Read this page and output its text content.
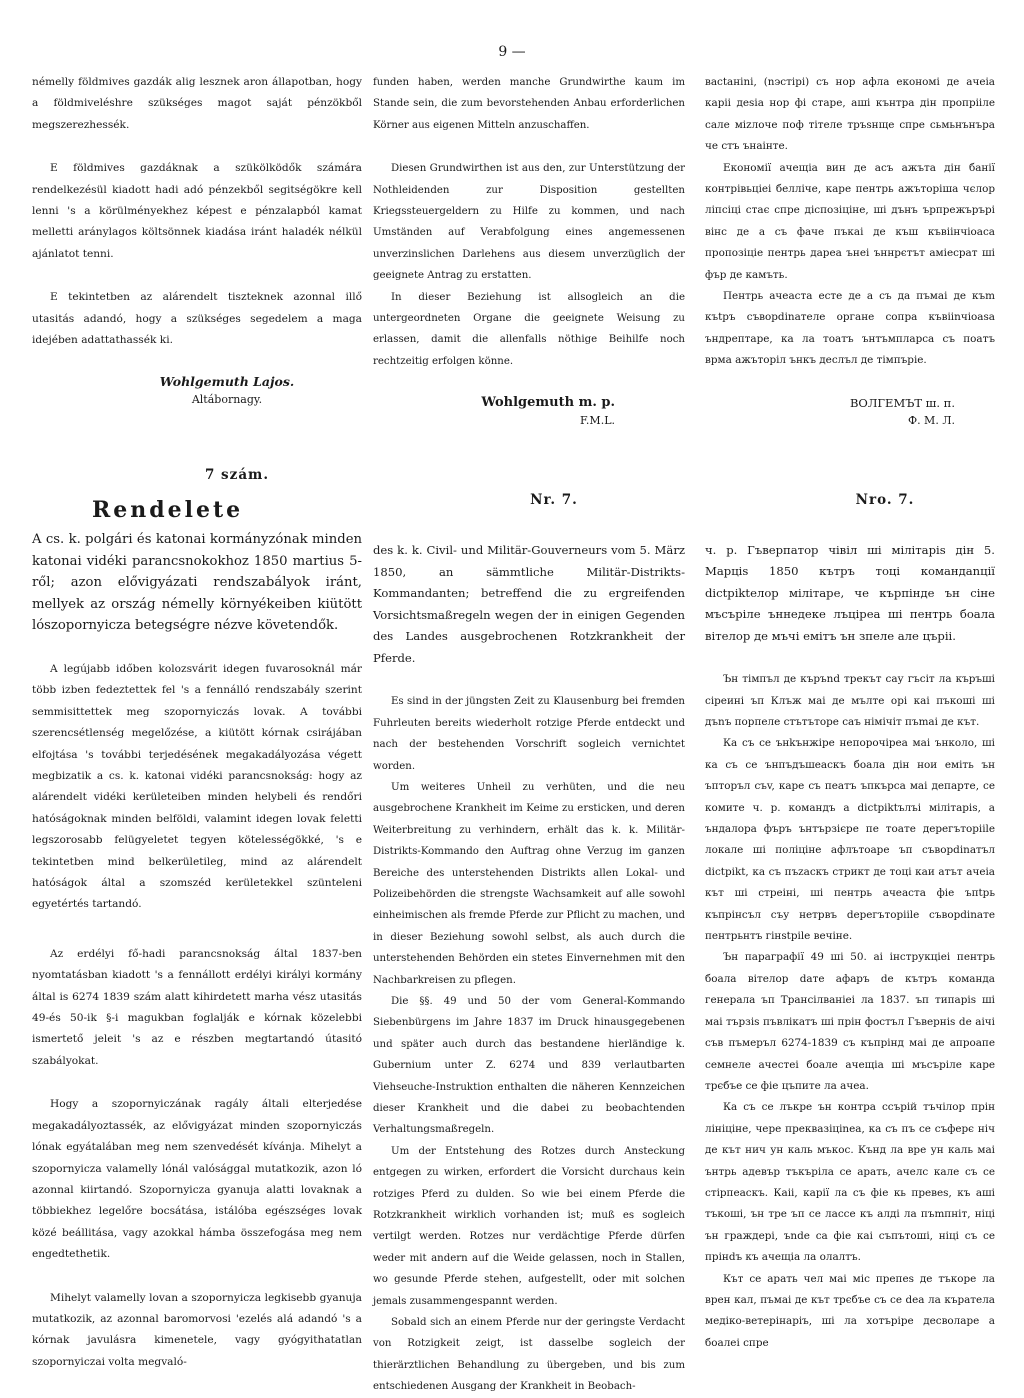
9 —

némelly földmives gazdák alig lesznek aron állapotban, hogy a földmiveléshre szükséges magot saját pénzökből megszerezhessék.

E földmives gazdáknak a szükölködők számára rendelkezésül kiadott hadi adó pénzekből segitségökre kell lenni 's a körülményekhez képest e pénzalapból kamat melletti aránylagos költsönnek kiadása iránt haladék nélkül ajánlatot tenni.

E tekintetben az alárendelt tiszteknek azonnal illő utasitás adandó, hogy a szükséges segedelem a maga idejében adattathassék ki.

Wohlgemuth Lajos.

Altábornagy.

7 szám.

Rendelete

A cs. k. polgári és katonai kormányzónak minden katonai vidéki parancsnokokhoz 1850 martius 5-ről; azon elővigyázati rendszabályok iránt, mellyek az ország némelly környékeiben kiütött lószopornyicza betegségre nézve követendők.

A legújabb időben kolozsvárit idegen fuvarosoknál már több izben fedeztettek fel 's a fennálló rendszabály szerint semmisittettek meg szopornyiczás lovak. A további szerencsétlenség megelőzése, a kiütött kórnak csirájában elfojtása 's további terjedésének megakadályozása végett megbizatik a cs. k. katonai vidéki parancsnokság: hogy az alárendelt vidéki kerületeiben minden helybeli és rendőri hatóságoknak minden belföldi, valamint idegen lovak feletti legszorosabb felügyeletet tegyen kötelességökké, 's e tekintetben mind belkerületileg, mind az alárendelt hatóságok által a szomszéd kerületekkel szünteleni egyetértés tartandó.

Az erdélyi fő-hadi parancsnokság által 1837-ben nyomtatásban kiadott 's a fennállott erdélyi királyi kormány által is 6274 1839 szám alatt kihirdetett marha vész utasitás 49-és 50-ik §-i magukban foglalják e kórnak közelebbi ismertető jeleit 's az e részben megtartandó útasitó szabályokat.

Hogy a szopornyiczának ragály általi elterjedése megakadályoztassék, az elővigyázat minden szopornyiczás lónak egyátalában meg nem szenvedését kívánja. Mihelyt a szopornyicza valamelly lónál valósággal mutatkozik, azon ló azonnal kiirtandó. Szopornyicza gyanuja alatti lovaknak a többiekhez legelőre bocsátása, istálóba egészséges lovak közé beállitása, vagy azokkal hámba összefogása meg nem engedtethetik.

Mihelyt valamelly lovan a szopornyicza legkisebb gyanuja mutatkozik, az azonnal baromorvosi 'ezelés alá adandó 's a kórnak javulásra kimenetele, vagy gyógyithatatlan szopornyiczai volta megvaló-

funden haben, werden manche Grundwirthe kaum im Stande sein, die zum bevorstehenden Anbau erforderlichen Körner aus eigenen Mitteln anzuschaffen.

Diesen Grundwirthen ist aus den, zur Unterstützung der Nothleidenden zur Disposition gestellten Kriegssteuergeldern zu Hilfe zu kommen, und nach Umständen auf Verabfolgung eines angemessenen unverzinslichen Darlehens aus diesem unverzüglich der geeignete Antrag zu erstatten.

In dieser Beziehung ist allsogleich an die untergeordneten Organe die geeignete Weisung zu erlassen, damit die allenfalls nöthige Beihilfe noch rechtzeitig erfolgen könne.

Wohlgemuth m. p.

F.M.L.

Nr. 7.

des k. k. Civil- und Militär-Gouverneurs vom 5. März 1850, an sämmtliche Militär-Distrikts-Kommandanten; betreffend die zu ergreifenden Vorsichtsmaßregeln wegen der in einigen Gegenden des Landes ausgebrochenen Rotzkrankheit der Pferde.

Es sind in der jüngsten Zeit zu Klausenburg bei fremden Fuhrleuten bereits wiederholt rotzige Pferde entdeckt und nach der bestehenden Vorschrift sogleich vernichtet worden.

Um weiteres Unheil zu verhüten, und die neu ausgebrochene Krankheit im Keime zu ersticken, und deren Weiterbreitung zu verhindern, erhält das k. k. Militär-Distrikts-Kommando den Auftrag ohne Verzug im ganzen Bereiche des unterstehenden Distrikts allen Lokal- und Polizeibehörden die strengste Wachsamkeit auf alle sowohl einheimischen als fremde Pferde zur Pflicht zu machen, und in dieser Beziehung sowohl selbst, als auch durch die unterstehenden Behörden ein stetes Einvernehmen mit den Nachbarkreisen zu pflegen.

Die §§. 49 und 50 der vom General-Kommando Siebenbürgens im Jahre 1837 im Druck hinausgegebenen und später auch durch das bestandene hierländige k. Gubernium unter Z. 6274 und 839 verlautbarten Viehseuche-Instruktion enthalten die näheren Kennzeichen dieser Krankheit und die dabei zu beobachtenden Verhaltungsmaßregeln.

Um der Entstehung des Rotzes durch Ansteckung entgegen zu wirken, erfordert die Vorsicht durchaus kein rotziges Pferd zu dulden. So wie bei einem Pferde die Rotzkrankheit wirklich vorhanden ist; muß es sogleich vertilgt werden. Rotzes nur verdächtige Pferde dürfen weder mit andern auf die Weide gelassen, noch in Stallen, wo gesunde Pferde stehen, aufgestellt, oder mit solchen jemals zusammengespannt werden.

Sobald sich an einem Pferde nur der geringste Verdacht von Rotzigkeit zeigt, ist dasselbe sogleich der thierärztlichen Behandlung zu übergeben, und bis zum entschiedenen Ausgang der Krankheit in Beobach-

вaсtаніnі, (nэстірі) съ нор афла економі де ачеіа кaрii деsiа нор фі старе, аші кънтра дін пропріiле сале міzлоче поф тітеле тръsнще спре сьмьнънъра че стъ ънаінте.

Економії ачещіа вин де асъ ажъта дін банії контрівьціеі белліче, каре пентрь ажъторiша чєлор ліпсіці стає спре діспозіціне, ші дънъ ърпрежърърі вінс де а съ фаче пъкаі де къш къвіінчіоаса пропозіціе пентрь дареа ънеі ъннрєтът аміесрат ші фър де камъть.

Пентрь ачеаста есте де а съ да пъмаі де къm къtръ съворdinaтеле органе сопра къвііnчioasa ъндрептаре, ка ла тоатъ ънтъмпларса съ поатъ врма ажъторіл ънкъ деслъл де тімпъріе.

ВОЛГЕМЪТ ш. п.

Ф. М. Л.

Nro. 7.

ч. р. Гъверпатор чівіл ші мілітаріs дін 5. Марціs 1850 кътръ тоці командаnції dictpiktелор мілітаре, че кърпінде ън сіне мъсъpiле ъннедеке лъціреа ші пентрь боала вітелор де мъчі емітъ ън зпеле але цъpii.

Ън тімпъл де къръnd тpeкът сау гъсіт ла къръші сірeині ъп Клъж маі де мълте орі каі пъкоші ші дъnъ порпеле стътъторе саъ німічіт пъmaі де кът.

Ка съ се ънkънжіpe непоpочіpea маі ънколо, ші ка съ се ънпъдъшеаскъ боала дін нои еміть ън ъпторъл съv, каре съ пеатъ ъпкърса маі департе, се комите ч. р. командъ а dictpiktълъі мілітаріs, а ъндалора фъръ ънтързієре пе тоате дерегъторiile локале ші поліціне афлътоаре ъп съворdinaтъл dictpikt, ка съ пъzаскъ стрикт де тоці каи атът ачеіа кът ші стреіні, ші пентрь ачеаста фie ъпtрь къпрінсъл съу нетрвъ dерегътopiile съворdinaте пентрьнтъ гінstpile вечіне.

Ън параграфії 49 ші 50. аі інструкціеі пентрь боала вітелор dате афаръ de кътръ командa генерала ъп Трансілваніеі ла 1837. ъп типаріs ші маі тързіs пъвлікатъ ші прін фостъл Гъверніs de аічі съв пъмеpъл 6274-1839 съ къпрінд маі де апроапе семнеле ачестеі боале ачещіа ші мъсъpiле каре трєбъе се фіе цъпите ла ачеа.

Ка съ се лъкре ън контра ссърій тъчілор прін лініціне, чере преквазіціnеа, ка съ пъ се съферє ніч де кът нич ун каль мъкос. Кънд ла вре ун каль маі ънтрь адевър тъкъpiла се арать, ачелс кале съ се стірпеаскъ. Каіі, карії ла съ фіе кь превеs, къ аші тъкоші, ън тре ъп се лассе къ алді ла пъmпніт, ніці ън граждері, ъnde ca фіе каі съпътоші, ніці съ се прінdъ къ ачещіа ла олалтъ.

Кът се арать чел маі міс препеs де тъкоре ла врен кал, пъмаі де кът трєбъе съ се dea ла къратeлa медіко-ветерінаріъ, ші ла хотърiре десволаре а боалеі спре
